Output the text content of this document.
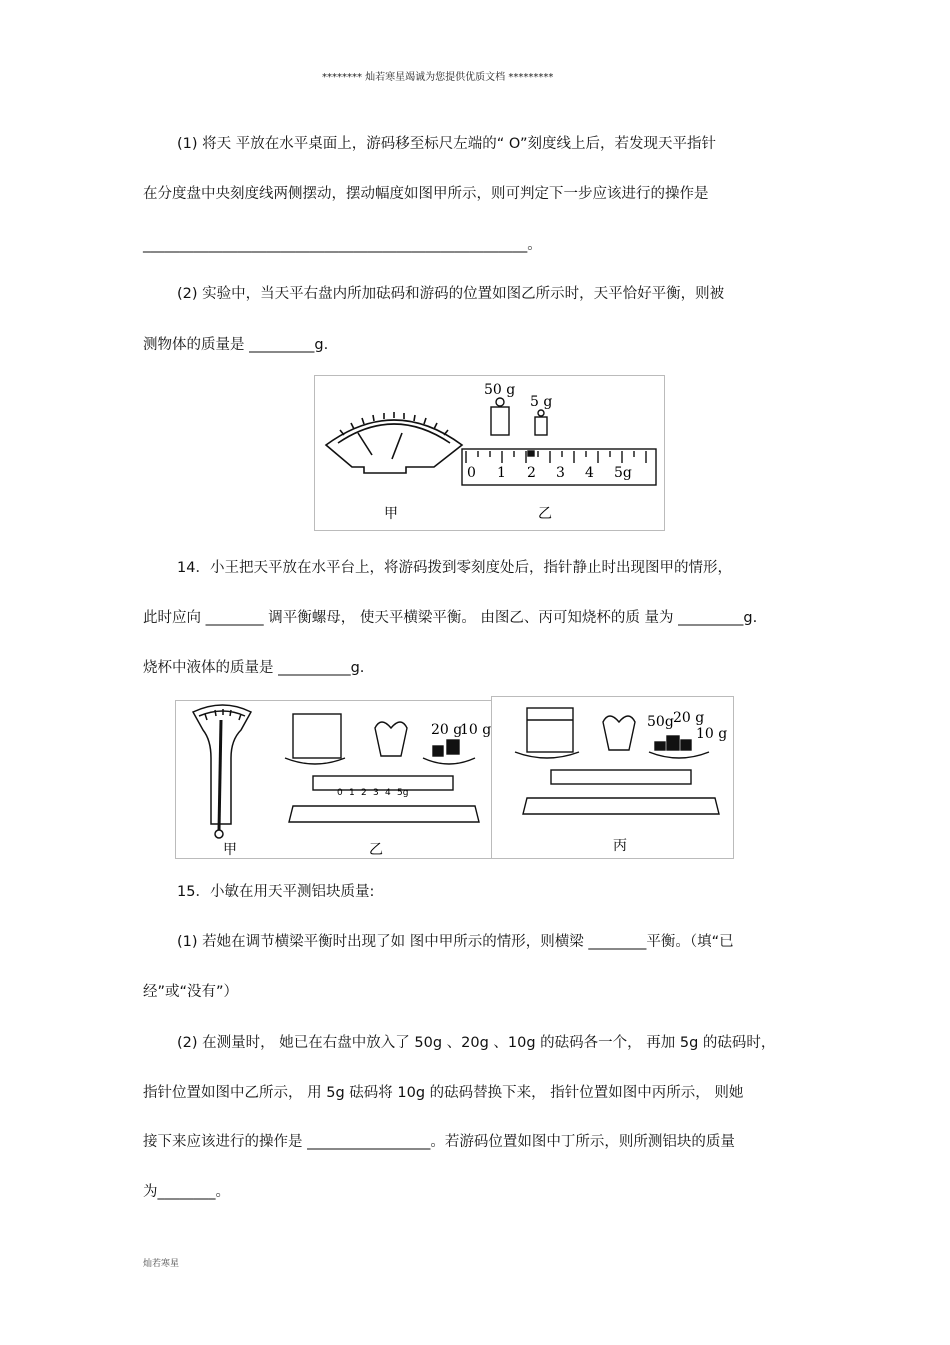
******** 灿若寒星竭诚为您提供优质文档 *********
(1) 将天 平放在水平桌面上，游码移至标尺左端的“ O”刻度线上后，若发现天平指针
在分度盘中央刻度线两侧摆动，摆动幅度如图甲所示，则可判定下一步应该进行的操作是
_____________________________________________________。
(2) 实验中，当天平右盘内所加砝码和游码的位置如图乙所示时，天平恰好平衡，则被
测物体的质量是 _________g.
50 g
5 g
0 1 2 3 4 5g
甲	乙
14．小王把天平放在水平台上，将游码拨到零刻度处后，指针静止时出现图甲的情形，
此时应向 ________ 调平衡螺母， 使天平横梁平衡。 由图乙、丙可知烧杯的质 量为 _________g.
烧杯中液体的质量是 __________g.
20 g
10 g
0 1 2 3 4 5g
50g 20 g
10 g
甲	乙	丙
15．小敏在用天平测铝块质量:
(1) 若她在调节横梁平衡时出现了如 图中甲所示的情形，则横梁 ________平衡。（填“已
经”或“没有”）
(2) 在测量时， 她已在右盘中放入了 50g 、20g 、10g 的砝码各一个， 再加 5g 的砝码时，
指针位置如图中乙所示， 用 5g 砝码将 10g 的砝码替换下来， 指针位置如图中丙所示， 则她
接下来应该进行的操作是 _________________。若游码位置如图中丁所示，则所测铝块的质量
为________。
灿若寒星
